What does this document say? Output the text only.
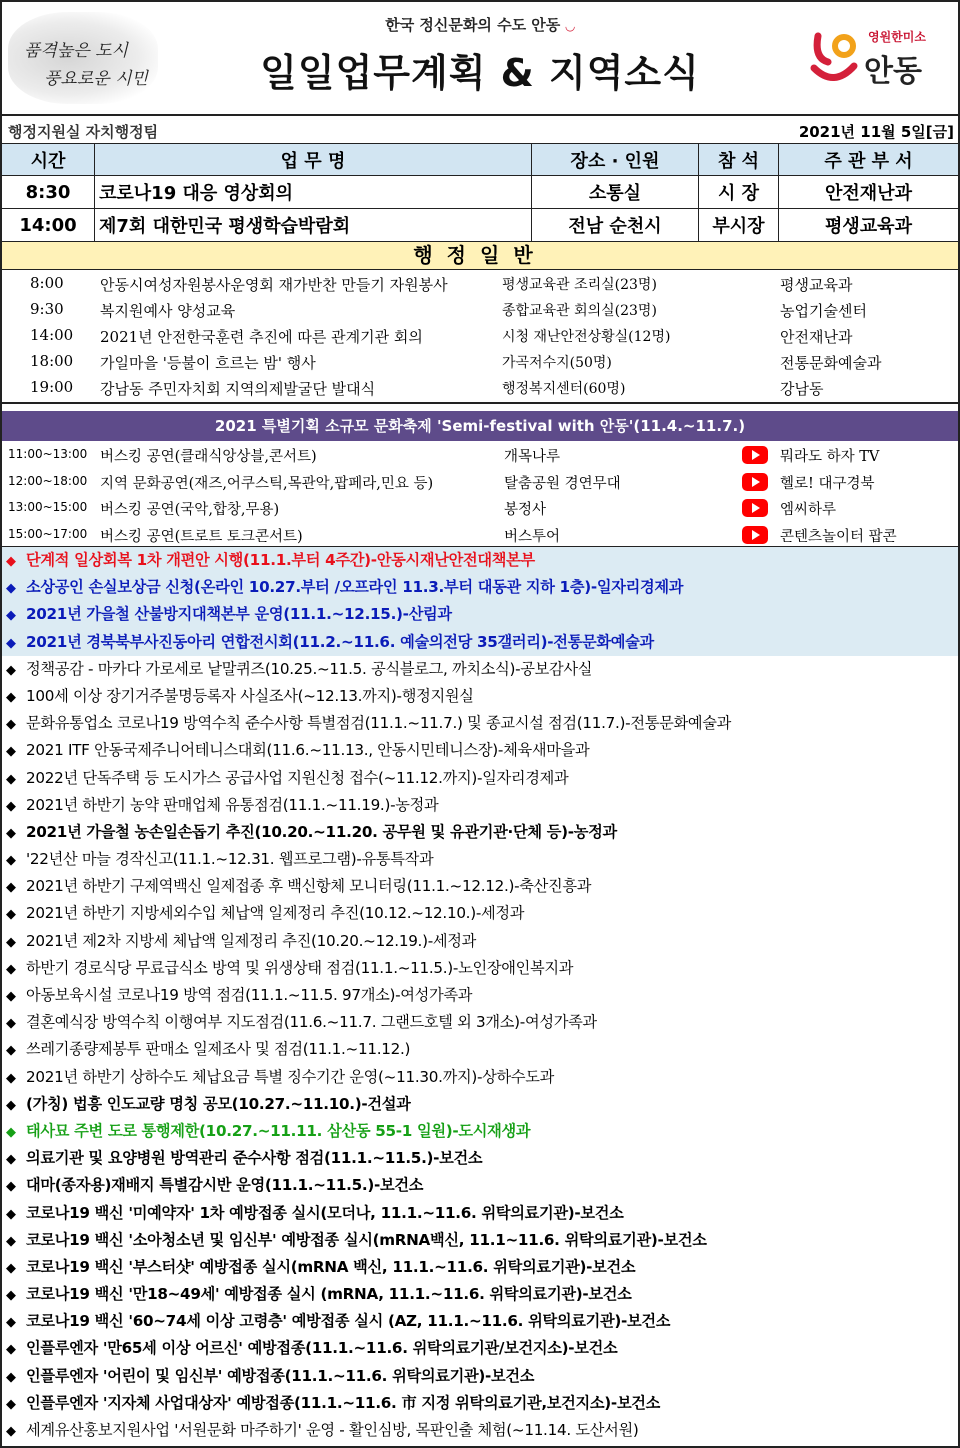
품격높은 도시
풍요로운 시민
한국 정신문화의 수도 안동 ◡
일일업무계획 & 지역소식
영원한미소
안동
행정지원실 자치행정팀	2021년 11월 5일[금]
시간	업 무 명	장소 · 인원	참 석	주 관 부 서
8:30	코로나19 대응 영상회의	소통실	시 장	안전재난과
14:00	제7회 대한민국 평생학습박람회	전남 순천시	부시장	평생교육과
행정일반
8:00	안동시여성자원봉사운영회 재가반찬 만들기 자원봉사	평생교육관 조리실(23명)	평생교육과
9:30	복지원예사 양성교육	종합교육관 회의실(23명)	농업기술센터
14:00	2021년 안전한국훈련 추진에 따른 관계기관 회의	시청 재난안전상황실(12명)	안전재난과
18:00	가일마을 '등불이 흐르는 밤' 행사	가곡저수지(50명)	전통문화예술과
19:00	강남동 주민자치회 지역의제발굴단 발대식	행정복지센터(60명)	강남동
2021 특별기획 소규모 문화축제 'Semi-festival with 안동'(11.4.~11.7.)
11:00~13:00 버스킹 공연(클래식앙상블,콘서트)	개목나루	뭐라도 하자 TV
12:00~18:00 지역 문화공연(재즈,어쿠스틱,목관악,팝페라,민요 등)	탈춤공원 경연무대	헬로! 대구경북
13:00~15:00 버스킹 공연(국악,합창,무용)	봉정사	엠씨하루
15:00~17:00 버스킹 공연(트로트 토크콘서트)	버스투어	콘텐츠놀이터 팝콘
◆ 단계적 일상회복 1차 개편안 시행(11.1.부터 4주간)-안동시재난안전대책본부
◆ 소상공인 손실보상금 신청(온라인 10.27.부터 /오프라인 11.3.부터 대동관 지하 1층)-일자리경제과
◆ 2021년 가을철 산불방지대책본부 운영(11.1.~12.15.)-산림과
◆ 2021년 경북북부사진동아리 연합전시회(11.2.~11.6. 예술의전당 35갤러리)-전통문화예술과
◆ 정책공감 - 마카다 가로세로 낱말퀴즈(10.25.~11.5. 공식블로그, 까치소식)-공보감사실
◆ 100세 이상 장기거주불명등록자 사실조사(~12.13.까지)-행정지원실
◆ 문화유통업소 코로나19 방역수칙 준수사항 특별점검(11.1.~11.7.) 및 종교시설 점검(11.7.)-전통문화예술과
◆ 2021 ITF 안동국제주니어테니스대회(11.6.~11.13., 안동시민테니스장)-체육새마을과
◆ 2022년 단독주택 등 도시가스 공급사업 지원신청 접수(~11.12.까지)-일자리경제과
◆ 2021년 하반기 농약 판매업체 유통점검(11.1.~11.19.)-농정과
◆ 2021년 가을철 농손일손돕기 추진(10.20.~11.20. 공무원 및 유관기관·단체 등)-농정과
◆ '22년산 마늘 경작신고(11.1.~12.31. 웹프로그램)-유통특작과
◆ 2021년 하반기 구제역백신 일제접종 후 백신항체 모니터링(11.1.~12.12.)-축산진흥과
◆ 2021년 하반기 지방세외수입 체납액 일제정리 추진(10.12.~12.10.)-세정과
◆ 2021년 제2차 지방세 체납액 일제정리 추진(10.20.~12.19.)-세정과
◆ 하반기 경로식당 무료급식소 방역 및 위생상태 점검(11.1.~11.5.)-노인장애인복지과
◆ 아동보육시설 코로나19 방역 점검(11.1.~11.5. 97개소)-여성가족과
◆ 결혼예식장 방역수칙 이행여부 지도점검(11.6.~11.7. 그랜드호텔 외 3개소)-여성가족과
◆ 쓰레기종량제봉투 판매소 일제조사 및 점검(11.1.~11.12.)
◆ 2021년 하반기 상하수도 체납요금 특별 징수기간 운영(~11.30.까지)-상하수도과
◆ (가칭) 법흥 인도교량 명칭 공모(10.27.~11.10.)-건설과
◆ 태사묘 주변 도로 통행제한(10.27.~11.11. 삼산동 55-1 일원)-도시재생과
◆ 의료기관 및 요양병원 방역관리 준수사항 점검(11.1.~11.5.)-보건소
◆ 대마(종자용)재배지 특별감시반 운영(11.1.~11.5.)-보건소
◆ 코로나19 백신 '미예약자' 1차 예방접종 실시(모더나, 11.1.~11.6. 위탁의료기관)-보건소
◆ 코로나19 백신 '소아청소년 및 임신부' 예방접종 실시(mRNA백신, 11.1~11.6. 위탁의료기관)-보건소
◆ 코로나19 백신 '부스터샷' 예방접종 실시(mRNA 백신, 11.1.~11.6. 위탁의료기관)-보건소
◆ 코로나19 백신 '만18~49세' 예방접종 실시 (mRNA, 11.1.~11.6. 위탁의료기관)-보건소
◆ 코로나19 백신 '60~74세 이상 고령층' 예방접종 실시 (AZ, 11.1.~11.6. 위탁의료기관)-보건소
◆ 인플루엔자 '만65세 이상 어르신' 예방접종(11.1.~11.6. 위탁의료기관/보건지소)-보건소
◆ 인플루엔자 '어린이 및 임신부' 예방접종(11.1.~11.6. 위탁의료기관)-보건소
◆ 인플루엔자 '지자체 사업대상자' 예방접종(11.1.~11.6. 市 지정 위탁의료기관,보건지소)-보건소
◆ 세계유산홍보지원사업 '서원문화 마주하기' 운영 - 활인심방, 목판인출 체험(~11.14. 도산서원)
